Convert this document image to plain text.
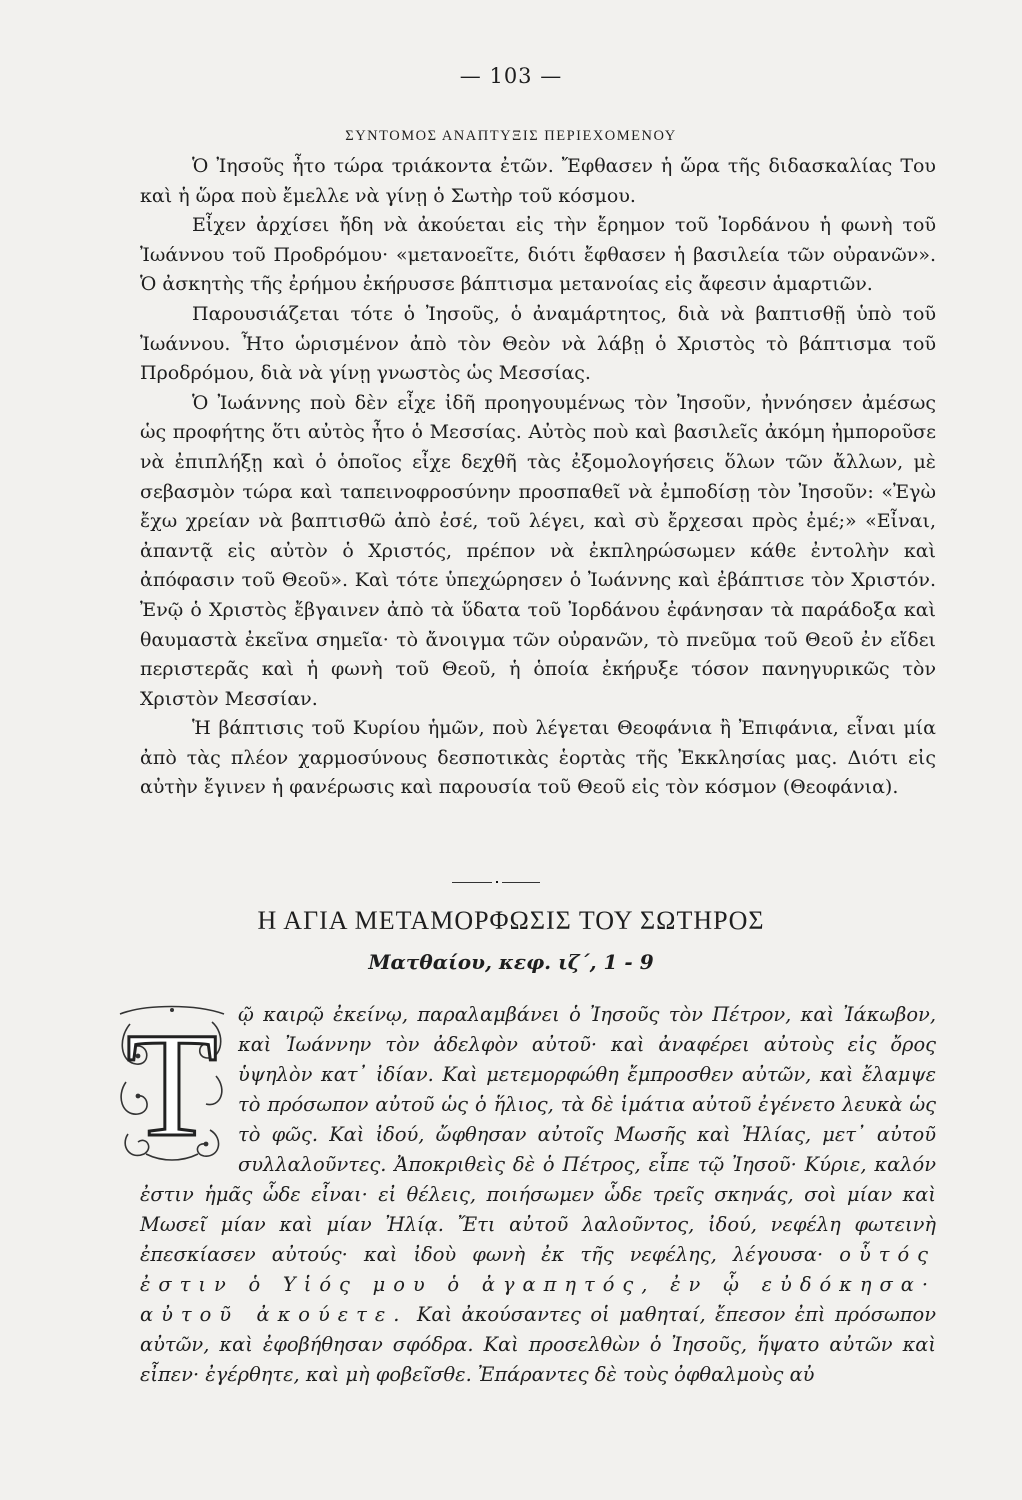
— 103 —
ΣΥΝΤΟΜΟΣ ΑΝΑΠΤΥΞΙΣ ΠΕΡΙΕΧΟΜΕΝΟΥ

Ὁ Ἰησοῦς ἦτο τώρα τριάκοντα ἐτῶν. Ἔφθασεν ἡ ὥρα τῆς διδασκαλίας Του καὶ ἡ ὥρα ποὺ ἔμελλε νὰ γίνῃ ὁ Σωτὴρ τοῦ κόσμου.

Εἶχεν ἀρχίσει ἤδη νὰ ἀκούεται εἰς τὴν ἔρημον τοῦ Ἰορδάνου ἡ φωνὴ τοῦ Ἰωάννου τοῦ Προδρόμου· «μετανοεῖτε, διότι ἔφθασεν ἡ βασιλεία τῶν οὐρανῶν». Ὁ ἀσκητὴς τῆς ἐρήμου ἐκήρυσσε βάπτισμα μετανοίας εἰς ἄφεσιν ἁμαρτιῶν.

Παρουσιάζεται τότε ὁ Ἰησοῦς, ὁ ἀναμάρτητος, διὰ νὰ βαπτισθῇ ὑπὸ τοῦ Ἰωάννου. Ἦτο ὡρισμένον ἀπὸ τὸν Θεὸν νὰ λάβῃ ὁ Χριστὸς τὸ βάπτισμα τοῦ Προδρόμου, διὰ νὰ γίνῃ γνωστὸς ὡς Μεσσίας.

Ὁ Ἰωάννης ποὺ δὲν εἶχε ἰδῆ προηγουμένως τὸν Ἰησοῦν, ἠννόησεν ἀμέσως ὡς προφήτης ὅτι αὐτὸς ἦτο ὁ Μεσσίας. Αὐτὸς ποὺ καὶ βασιλεῖς ἀκόμη ἠμποροῦσε νὰ ἐπιπλήξῃ καὶ ὁ ὁποῖος εἶχε δεχθῆ τὰς ἐξομολογήσεις ὅλων τῶν ἄλλων, μὲ σεβασμὸν τώρα καὶ ταπεινοφροσύνην προσπαθεῖ νὰ ἐμποδίσῃ τὸν Ἰησοῦν: «Ἐγὼ ἔχω χρείαν νὰ βαπτισθῶ ἀπὸ ἐσέ, τοῦ λέγει, καὶ σὺ ἔρχεσαι πρὸς ἐμέ;» «Εἶναι, ἀπαντᾷ εἰς αὐτὸν ὁ Χριστός, πρέπον νὰ ἐκπληρώσωμεν κάθε ἐντολὴν καὶ ἀπόφασιν τοῦ Θεοῦ». Καὶ τότε ὑπεχώρησεν ὁ Ἰωάννης καὶ ἐβάπτισε τὸν Χριστόν. Ἐνῷ ὁ Χριστὸς ἔβγαινεν ἀπὸ τὰ ὕδατα τοῦ Ἰορδάνου ἐφάνησαν τὰ παράδοξα καὶ θαυμαστὰ ἐκεῖνα σημεῖα· τὸ ἄνοιγμα τῶν οὐρανῶν, τὸ πνεῦμα τοῦ Θεοῦ ἐν εἴδει περιστερᾶς καὶ ἡ φωνὴ τοῦ Θεοῦ, ἡ ὁποία ἐκήρυξε τόσον πανηγυρικῶς τὸν Χριστὸν Μεσσίαν.

Ἡ βάπτισις τοῦ Κυρίου ἡμῶν, ποὺ λέγεται Θεοφάνια ἢ Ἐπιφάνια, εἶναι μία ἀπὸ τὰς πλέον χαρμοσύνους δεσποτικὰς ἑορτὰς τῆς Ἐκκλησίας μας. Διότι εἰς αὐτὴν ἔγινεν ἡ φανέρωσις καὶ παρουσία τοῦ Θεοῦ εἰς τὸν κόσμον (Θεοφάνια).

Η ΑΓΙΑ ΜΕΤΑΜΟΡΦΩΣΙΣ ΤΟΥ ΣΩΤΗΡΟΣ
Ματθαίου, κεφ. ιζ΄, 1 - 9
T	ῷ καιρῷ ἐκείνῳ, παραλαμβάνει ὁ Ἰησοῦς τὸν Πέτρον, καὶ Ἰάκωβον, καὶ Ἰωάννην τὸν ἀδελφὸν αὐτοῦ· καὶ ἀναφέρει αὐτοὺς εἰς ὄρος ὑψηλὸν κατ᾽ ἰδίαν. Καὶ μετεμορφώθη ἔμπροσθεν αὐτῶν, καὶ ἔλαμψε τὸ πρόσωπον αὐτοῦ ὡς ὁ ἥλιος, τὰ δὲ ἱμάτια αὐτοῦ ἐγένετο λευκὰ ὡς τὸ φῶς. Καὶ ἰδού, ὤφθησαν αὐτοῖς Μωσῆς καὶ Ἠλίας, μετ᾽ αὐτοῦ συλλαλοῦντες. Ἀποκριθεὶς δὲ ὁ Πέτρος, εἶπε τῷ Ἰησοῦ· Κύριε, καλόν ἐστιν ἡμᾶς ὧδε εἶναι· εἰ θέλεις, ποιήσωμεν ὧδε τρεῖς σκηνάς, σοὶ μίαν καὶ Μωσεῖ μίαν καὶ μίαν Ἠλίᾳ. Ἔτι αὐτοῦ λαλοῦντος, ἰδού, νεφέλη φωτεινὴ ἐπεσκίασεν αὐτούς· καὶ ἰδοὺ φωνὴ ἐκ τῆς νεφέλης, λέγουσα· οὗτός ἐστιν ὁ Υἱός μου ὁ ἀγαπητός, ἐν ᾧ εὐδόκησα· αὐτοῦ ἀκούετε. Καὶ ἀκούσαντες οἱ μαθηταί, ἔπεσον ἐπὶ πρόσωπον αὐτῶν, καὶ ἐφοβήθησαν σφόδρα. Καὶ προσελθὼν ὁ Ἰησοῦς, ἥψατο αὐτῶν καὶ εἶπεν· ἐγέρθητε, καὶ μὴ φοβεῖσθε. Ἐπάραντες δὲ τοὺς ὀφθαλμοὺς αὐ
